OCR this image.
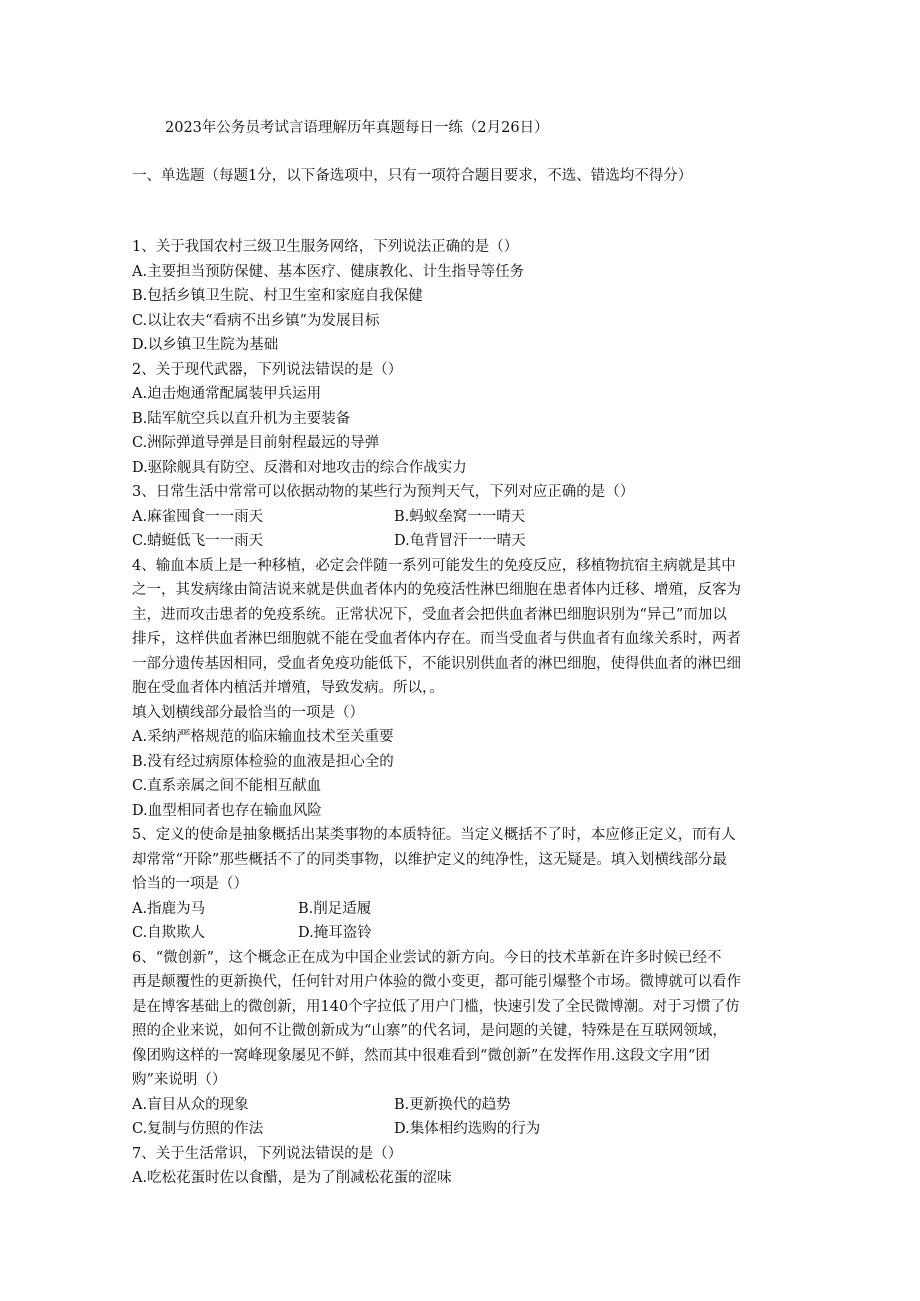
2023年公务员考试言语理解历年真题每日一练（2月26日）
一、单选题（每题1分，以下备选项中，只有一项符合题目要求，不选、错选均不得分）
1、关于我国农村三级卫生服务网络，下列说法正确的是（）
A.主要担当预防保健、基本医疗、健康教化、计生指导等任务
B.包括乡镇卫生院、村卫生室和家庭自我保健
C.以让农夫“看病不出乡镇”为发展目标
D.以乡镇卫生院为基础
2、关于现代武器，下列说法错误的是（）
A.迫击炮通常配属装甲兵运用
B.陆军航空兵以直升机为主要装备
C.洲际弹道导弹是目前射程最远的导弹
D.驱除舰具有防空、反潜和对地攻击的综合作战实力
3、日常生活中常常可以依据动物的某些行为预判天气，下列对应正确的是（）
A.麻雀囤食一一雨天	B.蚂蚁垒窝一一晴天
C.蜻蜓低飞一一雨天	D.龟背冒汗一一晴天
4、输血本质上是一种移植，必定会伴随一系列可能发生的免疫反应，移植物抗宿主病就是其中
之一，其发病缘由简洁说来就是供血者体内的免疫活性淋巴细胞在患者体内迁移、增殖，反客为
主，进而攻击患者的免疫系统。正常状况下，受血者会把供血者淋巴细胞识别为“异己”而加以
排斥，这样供血者淋巴细胞就不能在受血者体内存在。而当受血者与供血者有血缘关系时，两者
一部分遗传基因相同，受血者免疫功能低下，不能识别供血者的淋巴细胞，使得供血者的淋巴细
胞在受血者体内植活并增殖，导致发病。所以，。
填入划横线部分最恰当的一项是（）
A.采纳严格规范的临床输血技术至关重要
B.没有经过病原体检验的血液是担心全的
C.直系亲属之间不能相互献血
D.血型相同者也存在输血风险
5、定义的使命是抽象概括出某类事物的本质特征。当定义概括不了时，本应修正定义，而有人
却常常“开除”那些概括不了的同类事物，以维护定义的纯净性，这无疑是。填入划横线部分最
恰当的一项是（）
A.指鹿为马	B.削足适履
C.自欺欺人	D.掩耳盗铃
6、“微创新”，这个概念正在成为中国企业尝试的新方向。今日的技术革新在许多时候已经不
再是颠覆性的更新换代，任何针对用户体验的微小变更，都可能引爆整个市场。微博就可以看作
是在博客基础上的微创新，用140个字拉低了用户门槛，快速引发了全民微博潮。对于习惯了仿
照的企业来说，如何不让微创新成为“山寨”的代名词，是问题的关键，特殊是在互联网领域，
像团购这样的一窝峰现象屡见不鲜，然而其中很难看到“微创新”在发挥作用.这段文字用“团
购”来说明（）
A.盲目从众的现象	B.更新换代的趋势
C.复制与仿照的作法	D.集体相约选购的行为
7、关于生活常识，下列说法错误的是（）
A.吃松花蛋时佐以食醋，是为了削减松花蛋的涩味
